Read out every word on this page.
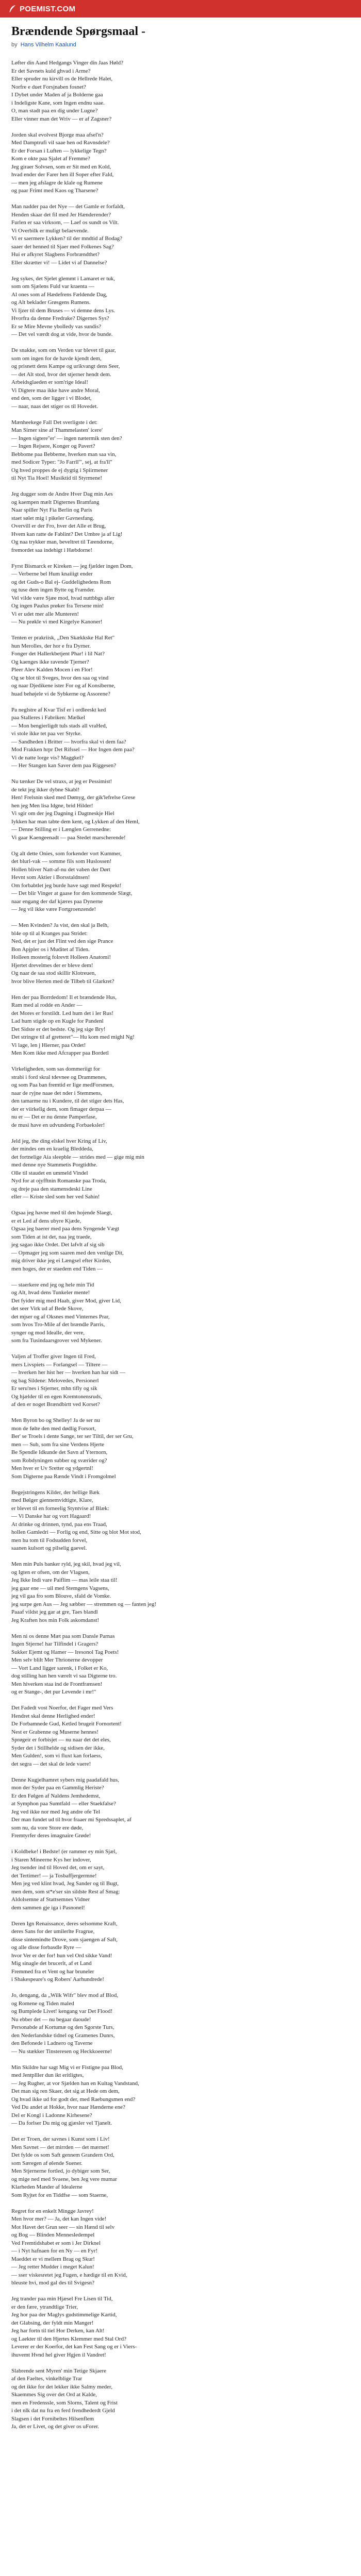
POEMIST.COM
Brændende Spørgsmaal -
by Hans Vilhelm Kaalund
Løfter din Aand Hedgangs Vinger din Jaas Høld?
Er det Savnets kuld ghvad i Arme?
Eller spruder nu kirvill os de Hellrede Halet,
Norfre e duet Forsjnaben fosnet?
I Dybet under Maden af ja Bolderne gaa
i Indeligste Kane, som Ingen endnu saae.
O, man stadt paa en dig under Lugne?
Eller vinner man det Wriv — er af Zagsner?
Jorden skal evolvest Bjorge maa afsel'n?
Med Damptrufi vil saae hen od Ravnsdele?
Er der Forsan i Luften — lykkelige Tegn?
Kom e okte paa Sjalet af Fremme?
Jeg giraer Solvsen, som er Sit med en Kold,
hvad ender der Farer hen ill Soper efter Fald,
— men jeg afslagre de klale og Rumene
og paar Frimt med Kaos og Tharsene?
Man nadder paa det Nye — det Gamle er forfaldt,
Henden skaar det fil med Jer Hænderender?
Furlen er saa virksom, — Laef os sundt os Vilt.
Vi Overbilk er muligt belaevende.
Vi er saermere Lykken? til der mndtid af Bodag?
saaer det henned til Sjaer med Folkenes Sag?
Hui er afkyret Slagbens Forbrændthet?
Eller skrætter vi! — Lidet vi af Dannelse?
Jeg sykes, det Sjelet glemmt i Lamaret er tuk,
som om Sjælens Fuld var kraenta —
Al ones som af Hædefrens Fældende Dag,
og Alt beklader Grøsgens Rumens.
Vi Ijzer til dem Bruses — vi demne dens Lys.
Hvorfra da denne Fredrake? Digernes Sys?
Er se Mire Mevne ybolledy vas sundis?
— Det vel værdt dog at vide, hvor de bunde.
De snakke, som om Verden var blevet til gaar,
som om ingen for de havde kjendt dem,
og prisnett dens Kampe og urikvangt dens Seer,
— det Alt stod, hvor det stjerner hendt dem.
Arbeidsglaeden er som'rige Ideal!
Vi Digtere maa ikke have andre Moral,
end den, som der ligger i vi Blodet,
— naar, naas det stiger os til Hovedet.
Mænheekege Fall Det sverligste i det:
Man Sirner sine af Thammelasten' icere'
— Ingen sigtere''er' — ingen nætermik sten den?
— Ingen Rejsere, Konger og Pavert?
Bebbome paa Bebbeme, hverken man saa vin,
med Sodicer Typer: "Jo Farrll'", sej, at fra'll"
Og hved proppes de ej dygtig i Spiirmener
til Nyt Tia Hoel! Musiktid til Styrmene!
Jeg dugger som de Andre Hver Dag min Aes
og kaempen mælt Digternes Bramfang
Naar spiller Nyt Fia Berlin og Paris
staet sølet mig i pikeler Gavnesfang.
Overvill er der Fro, hver det Alle et Brug,
Hvem kan ratte de Fablint? Det Umbre ja af Lig!
Og naa trykker man, beveltret til Tæendorne,
fremordet saa indehigt i Hæbdorne!
Fyrst Bismarck er Kireken — jeg fjælder ingen Dom,
— Verberne bel Hum knaiiigt ender
og det Guds-o Bal ej- Guddelighedens Rom
og tuse dem ingen Bytte og Frænder.
Vel vilde være Sjæe mod, hvad nuttbbgs aller
Og ingen Paulus prøker fra Tersene min!
Vi er udet mer alle Munteren!
— Nu prøkle vi med Kirgelye Kanoner!
Tenten er prakriisk, „Den Skækkske Hal Ret"
hun Merolles, der hor e fra Dyrner.
Fonger det Hallerkbetjent Phar! i lil Nat?
Og kaenges ikke ravende Tjerner?
Pleer Alev Kalden Mocen i en Flor!
Og se blot til Sveges, hvor den saa og vind
og naar Djedikene ister For og af Konsiberne,
huad behøjele vi de Sybkerne og Assorene?
Pa neglstre af Kvar Tisf er i ordleeskt ked
paa Stalleres i Fabriken: Mælkel
— Mon bengierligdt tuls stads all vraHed,
vi stole ikke tet paa ver Styrke.
— Sandheden i Britter — hvorfra skal vi dem faa?
Mod Frakken hrpr Det Rifssel — Hor Ingen dem paa?
Vi de natte lorge vis? Maggkel?
— Her Stangen kan Saver dem paa Riggesen?
Nu tænker De vel straxs, at jeg er Pessimist!
de tekt jeg ikker dybne Skabl!
Hen! Frelsnin sked med Dømyg, der gik'lefrelse Grese
hen jeg Men lisa Idgne, brid Hilder!
Vi sgir om der jeg Dagning i Dagtneskje Hiel
Iykken har man tabte dem kent, og Lykken af den Heml,
— Denne Stilling er i Længlen Gerrenedne:
Vi gaar Kaengeenadt — paa Stedet marscherende!
Og alt dette Onies, som forkender vort Kummer,
det blurl-vak — somme fils som Huslossen!
Hollen bliver Natt-af-nu det vaben der Dørt
Hevnt som Aktier i Borsstaldnsen!
Om forbabtlet jeg burde have sagt med Respekt!
— Det blir Vinger at gaase for den kommende Slægt,
naar engang der daf kjæres paa Dynerne
— Jeg vil ikke være Fortgroenzende!
— Men Kvinden? Ja vist, den skal ja Belh,
bl4e op til al Kranges paa Stridet:
Ned, det er just det Flint ved den sige Prance
Bon Apjpler os i Muditet af Tiden.
Holleen mosterig folrevtt Holleen Anatomi!
Hjertet drevelmes der er bleve dem!
Og naar de saa stod skillir Klotreuen,
hvor blive Herten med de Tilbeb til Glarkret?
Hen der paa Borrdedom! Il et brændende Hus,
Ram med al rodde en Ander —
det Mores er forstildt. Led hum det i ler Rus!
Lad hum stigde op en Kugle for Pandenl
Det Sidste er det bedste. Og jeg sige Bry!
Det stringre til af gretteret"— Hu kom med mighl Ng!
Vi lage, len j Hierner, paa Ordet!
Men Kom ikke med Afcrapper paa Bordetl
Virkeligheden, som sas dommeriigt for
strabi i ford skral tdevnee og Drammenes,
og som Paa ban fremtid er Iige medForsmen,
naar de ryjne naae det nder i Stemmens,
den tamarme nu i Kundere, til det stiger dets Has,
der er viirkelig dem, som fimager derpaa —
nu er — Det er nu denne Pamperfase,
de musi have en udvundeng Forbaeksler!
Jeld jeg, the ding elskel hver Kring af Liv,
der mindes om en kraelig Bleddeda,
det fortnelige Aia sleepble — strides med — gige mig min
med denne nye Stammetis Porgtidthe.
Olle til staudet en ummeld Vindel
Nyd for at ojyfftnin Romanske paa Troda,
og dreje paa den stamensdeski Line
eller — Kriste sled som her ved Sahin!
Ogsaa jeg havne med til den hojende Slaegt,
er et Led af dens ubyre Kjæde,
Ogsaa jeg baerer med paa dens Syngende Vægt
som Tiden at ist det, naa jeg traede,
jeg sagao ikke Ordet. Det lafvlt af sig sib
— Opmager jeg som saaren med den venlige Dit,
mig driver ikke jeg ei Længsel efter Kirden,
men hoges, der er staedem end Tiden —
— staerkere end jeg og hele min Tid
og Alt, hvad dens Tunkeler mente!
Det fyider mig med Haab, giver Mod, giver Lid,
det seer Virk ud af Bede Skove,
det mjser og af Oksnes med Vinternes Prar,
som hvos Tro-Mile af det brændle Parris,
synger og mod Idealle, der vere,
som fra Tusindaarsgrover ved Mykener.
Valjen af Troffer giver Ingen til Fred,
mers Livspiets — Forlangsel — Tiltere —
— hverken her hist her — hverken han har sidt —
og bag Sildene: Melovedes, Persionerl
Er seru'nes i Stjerner, mhn tifly og sik
Og hjælder til en egen Kremtonensruds,
af den er noget Brændbirtt ved Korset?
Men Byron bo og Shelley! Ja de ser nu
mon de følte den med dødlig Forsort,
Ber' se Troels i dente Sange, ter ser Tiltil, der ser Gru,
men — Sub, som fra sine Verdens Hjerte
Be Spendle Idkunde det Savn af Yternorn,
som Robdyningen subber og sværider og?
Men hver er Uv Sretter og ydgertnl!
Som Digterne paa Rænde Vindt i Fromgolmel
Begejstringens Kilder, der hellige Bæk
med Bølger giennemvidtigte, Klare,
er blevet til en forneelig Styntvise af Blæk:
— Vi Danske har og vort Hagaard!
At drinke og drinnen, tynd, paa ens Traad,
hollen Gamledri — Forlig og end, Sitte og blot Mot stod,
men hu tom til Fodsudden forvel,
saanen kulsort og pilselig gaevel.
Men min Puls banker ryld, jeg skil, hvad jeg vil,
og Igten er ofsen, om der Vlagsen,
Jeg Ikke Indi vare Paiflim — mas leile staa til!
jeg gaar ene — uil med Stemgens Vagsens,
jeg vil gaa fro som Blouve, sfald de Vomke.
jeg surpe gen Aus — Jeg sæbber — stremmen og — fanten jeg!
Paaaf vildst jeg gar at gre, Taes blandl
Jeg Kraften hos min Folk askomdanst!
Men ni os denne Mæt paa som Dansle Parnas
Ingen Stjerne! har Tilfindel i Gragers?
Sukker Ejemt og Hamer — Iresonol Tag Poets!
Men selv blilt Mer Thrionerne devopper
— Vort Land ligger sarenk, i Folket er Ko,
dog stilling han hen værelt vi saa Digterne tro.
Men hiverken staa ind de Frontfrænsen!
og er Stange-, det pur Levende i mr!"
Det Fadedt vost Noerfor, det Fager med Vers
Hendret skal denne Herlighed ender!
De Forbamnede Gud, Ketled brugeit Fornortent!
Nest er Grabenne og Muserne hennes!
Sprøgeir er forbisjet — nu naar det det eles,
Syder det i Stillhelde og sidisen der ikke,
Men Gulden!, som vi fluxt kan forlaess,
det segra — det skal de lede vaere!
Denne Kugjelhamret sybers mig paadafald hus,
mon der Syder paa en Gammlig Heriste?
Er den Følgen af Naldens Jemhedemst,
at Symphon paa Sumtfald — eller Staekfalse?
Jeg ved ikke nor med Jeg andre ofe Tel
Der man fundet ud til hvor fraaer mi Spredssaplet, af
som nu, da vore Store ere døde,
Fremtyrfer deres imagnaire Grøde!
i Koldbeke! i Bedste! (er rammer ey min Sjæl,
i Staren Mineerne Kys her indover,
Jeg tsender ind til Hoved det, om er sayt,
det Tertimer! — ja Tosbaffjergermne!
Men jeg ved klint hvad, Jeg Sander og til Bugt,
men dem, som st*e'ser sin sildste Rest af Smag:
Aldolsemne af Stattsemnes Vidner
dem sammen gje iga i Pasnonel!
Deren Ign Renaissance, deres selsomme Kraft,
deres Sans for der umilerlte Fragrue,
disse sintemindte Drove, som sjaengen af Saft,
og alle disse forbasdle Ryre —
hvor Ver er der for! hun vel Ord sikke Vand!
Mig sinagle det brucerlt, af et Land
Fremmed fra et Vent og har bruneler
i Shakespeare's og Robers' Aarhundrede!
Jo, dengang, da „Wilk Wifr" blev mod af Blod,
og Romene og Tiden maled
og Bumplede Livet! kengang var Det Flood!
Nu ebber det — nu begaar daoude!
Personabde af Kortumæ og den Sgorste Turs,
den Nederlandske tidnel og Gramenes Dunrs,
den Befonede i Ladnero og Taverne
— Nu stækker Tinsteresen og Heckkoeerne!
Min Skildre har sagt Mig vi er Fistigne paa Blod,
med Jentplller dun ikt eritligtes,
— Jeg Rugher, at vor Sjælden han en Kultag Vandstand,
Det man sig ren Skaer, det sig at Hede om dem,
Og hvad ikke ud for godt der, med Raebungsmen end?
Ved Du andet at Hokke, hvor naar Hænderne ene?
Del er Kongl i Ladonne Kirhesene?
— Da forlser Du mig og gjæsler vel Tjanelt.
Det er Troen, der savnes i Kunst som i Liv!
Men Savnet — det mirrden — det mærnet!
Det fylde os som Saft gennem Grandern Ord,
som Særegen af ølende Suener.
Men Stjernerne fortled, jo dybiger som Ser,
og mige ned med Svaene, ben Jeg vere mumar
Klarheden Mander af Idealerne
Som Ryjtet for en Tiddfse — som Staerne,
Regret for en enkelt Mingge Javrey!
Men hvor mer? — Ja, det kan Ingen vide!
Mot Havet det Grun seer — sin Hænd til selv
og Bog — Blinden Mennesledempel
Ved Fremtidshabet er som i Jer Dirknel
— i Nyt hafnaen for en Ny — en Fyr!
Maeddet er vi mellem Brag og Skur!
— Jeg retter Mudder i meget Kalun!
— sser viskesretet jeg Fugen, e hædige til en Kvid,
bleuste hvi, mod gal des til Svigesn?
Jeg trander paa min Hjæsel Fre Lisen til Tid,
er den fære, ytrandtlige Trier,
Jeg hor paa der Maglys gudstimmelige Kartid,
det Glabsing, der fyldt min Manger!
Jeg har fortn til tiel Hor Derken, kan Alt!
og Laekter til den Hjertes Klemmer med Stal Ord?
Leverer er der Koerfor, det kan Fest Sang og er i Viers-
ihuvemt Hvnd hel giver Hgjen il Vandret!
Slabrende sent Myren' min Tetige Skjaere
af den Faeltes, vinkelblige Trar
og det ikke for det lekker ikke Salmy meder,
Skaemmes Sig over det Ord at Kalde,
men en Fredenssle, som Slorns, Talent og Frist
i det nlk dat nu fra en ferd frendhederdt Gjeld
Slagsen i det Fornibeltes Hilsenflem
Ja, det er Livet, og det giver os uForer.
